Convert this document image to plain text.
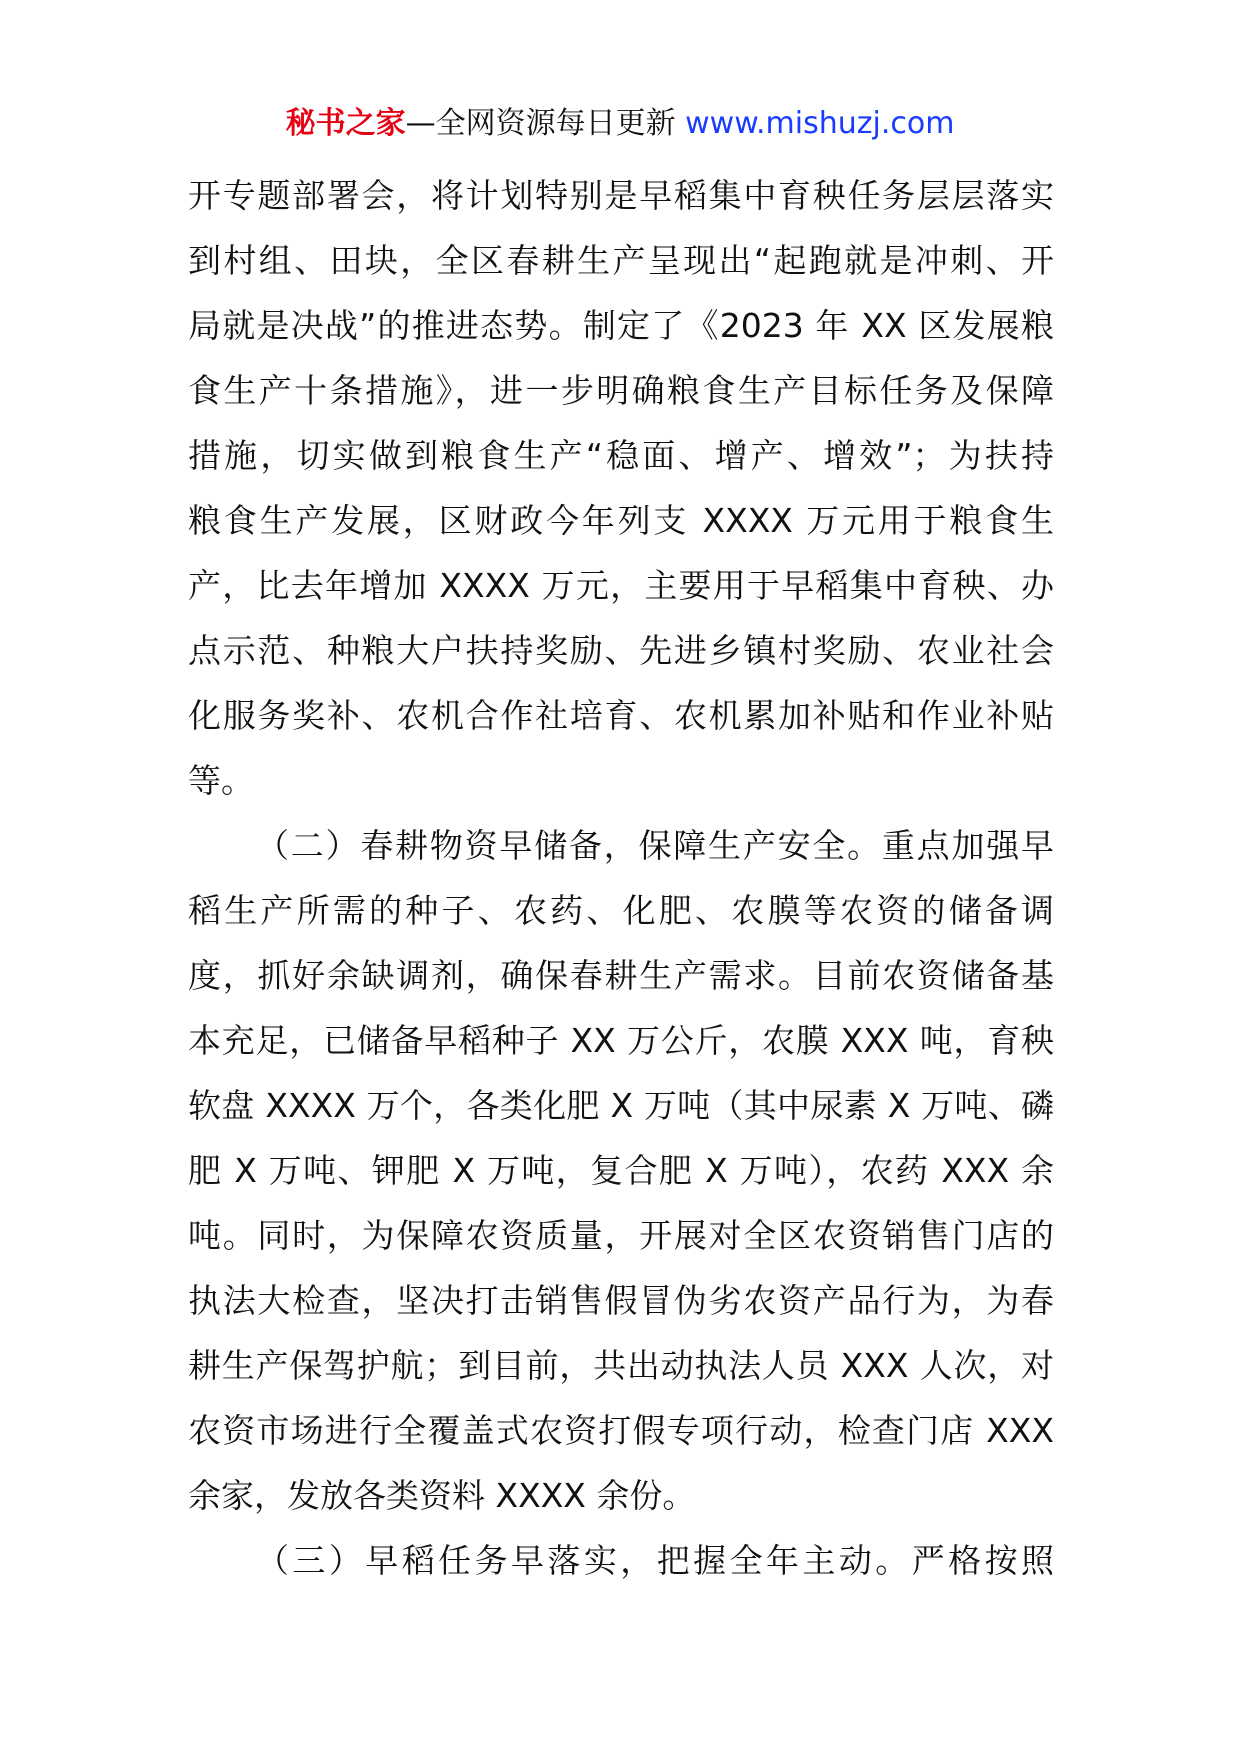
秘书之家—全网资源每日更新 www.mishuzj.com
开专题部署会，将计划特别是早稻集中育秧任务层层落实
到村组、田块，全区春耕生产呈现出“起跑就是冲刺、开
局就是决战”的推进态势。制定了《2023 年 XX 区发展粮
食生产十条措施》，进一步明确粮食生产目标任务及保障
措施，切实做到粮食生产“稳面、增产、增效”；为扶持
粮食生产发展，区财政今年列支 XXXX 万元用于粮食生
产，比去年增加 XXXX 万元，主要用于早稻集中育秧、办
点示范、种粮大户扶持奖励、先进乡镇村奖励、农业社会
化服务奖补、农机合作社培育、农机累加补贴和作业补贴
等。
（二）春耕物资早储备，保障生产安全。重点加强早
稻生产所需的种子、农药、化肥、农膜等农资的储备调
度，抓好余缺调剂，确保春耕生产需求。目前农资储备基
本充足，已储备早稻种子 XX 万公斤，农膜 XXX 吨，育秧
软盘 XXXX 万个，各类化肥 X 万吨（其中尿素 X 万吨、磷
肥 X 万吨、钾肥 X 万吨，复合肥 X 万吨），农药 XXX 余
吨。同时，为保障农资质量，开展对全区农资销售门店的
执法大检查，坚决打击销售假冒伪劣农资产品行为，为春
耕生产保驾护航；到目前，共出动执法人员 XXX 人次，对
农资市场进行全覆盖式农资打假专项行动，检查门店 XXX
余家，发放各类资料 XXXX 余份。
（三）早稻任务早落实，把握全年主动。严格按照
